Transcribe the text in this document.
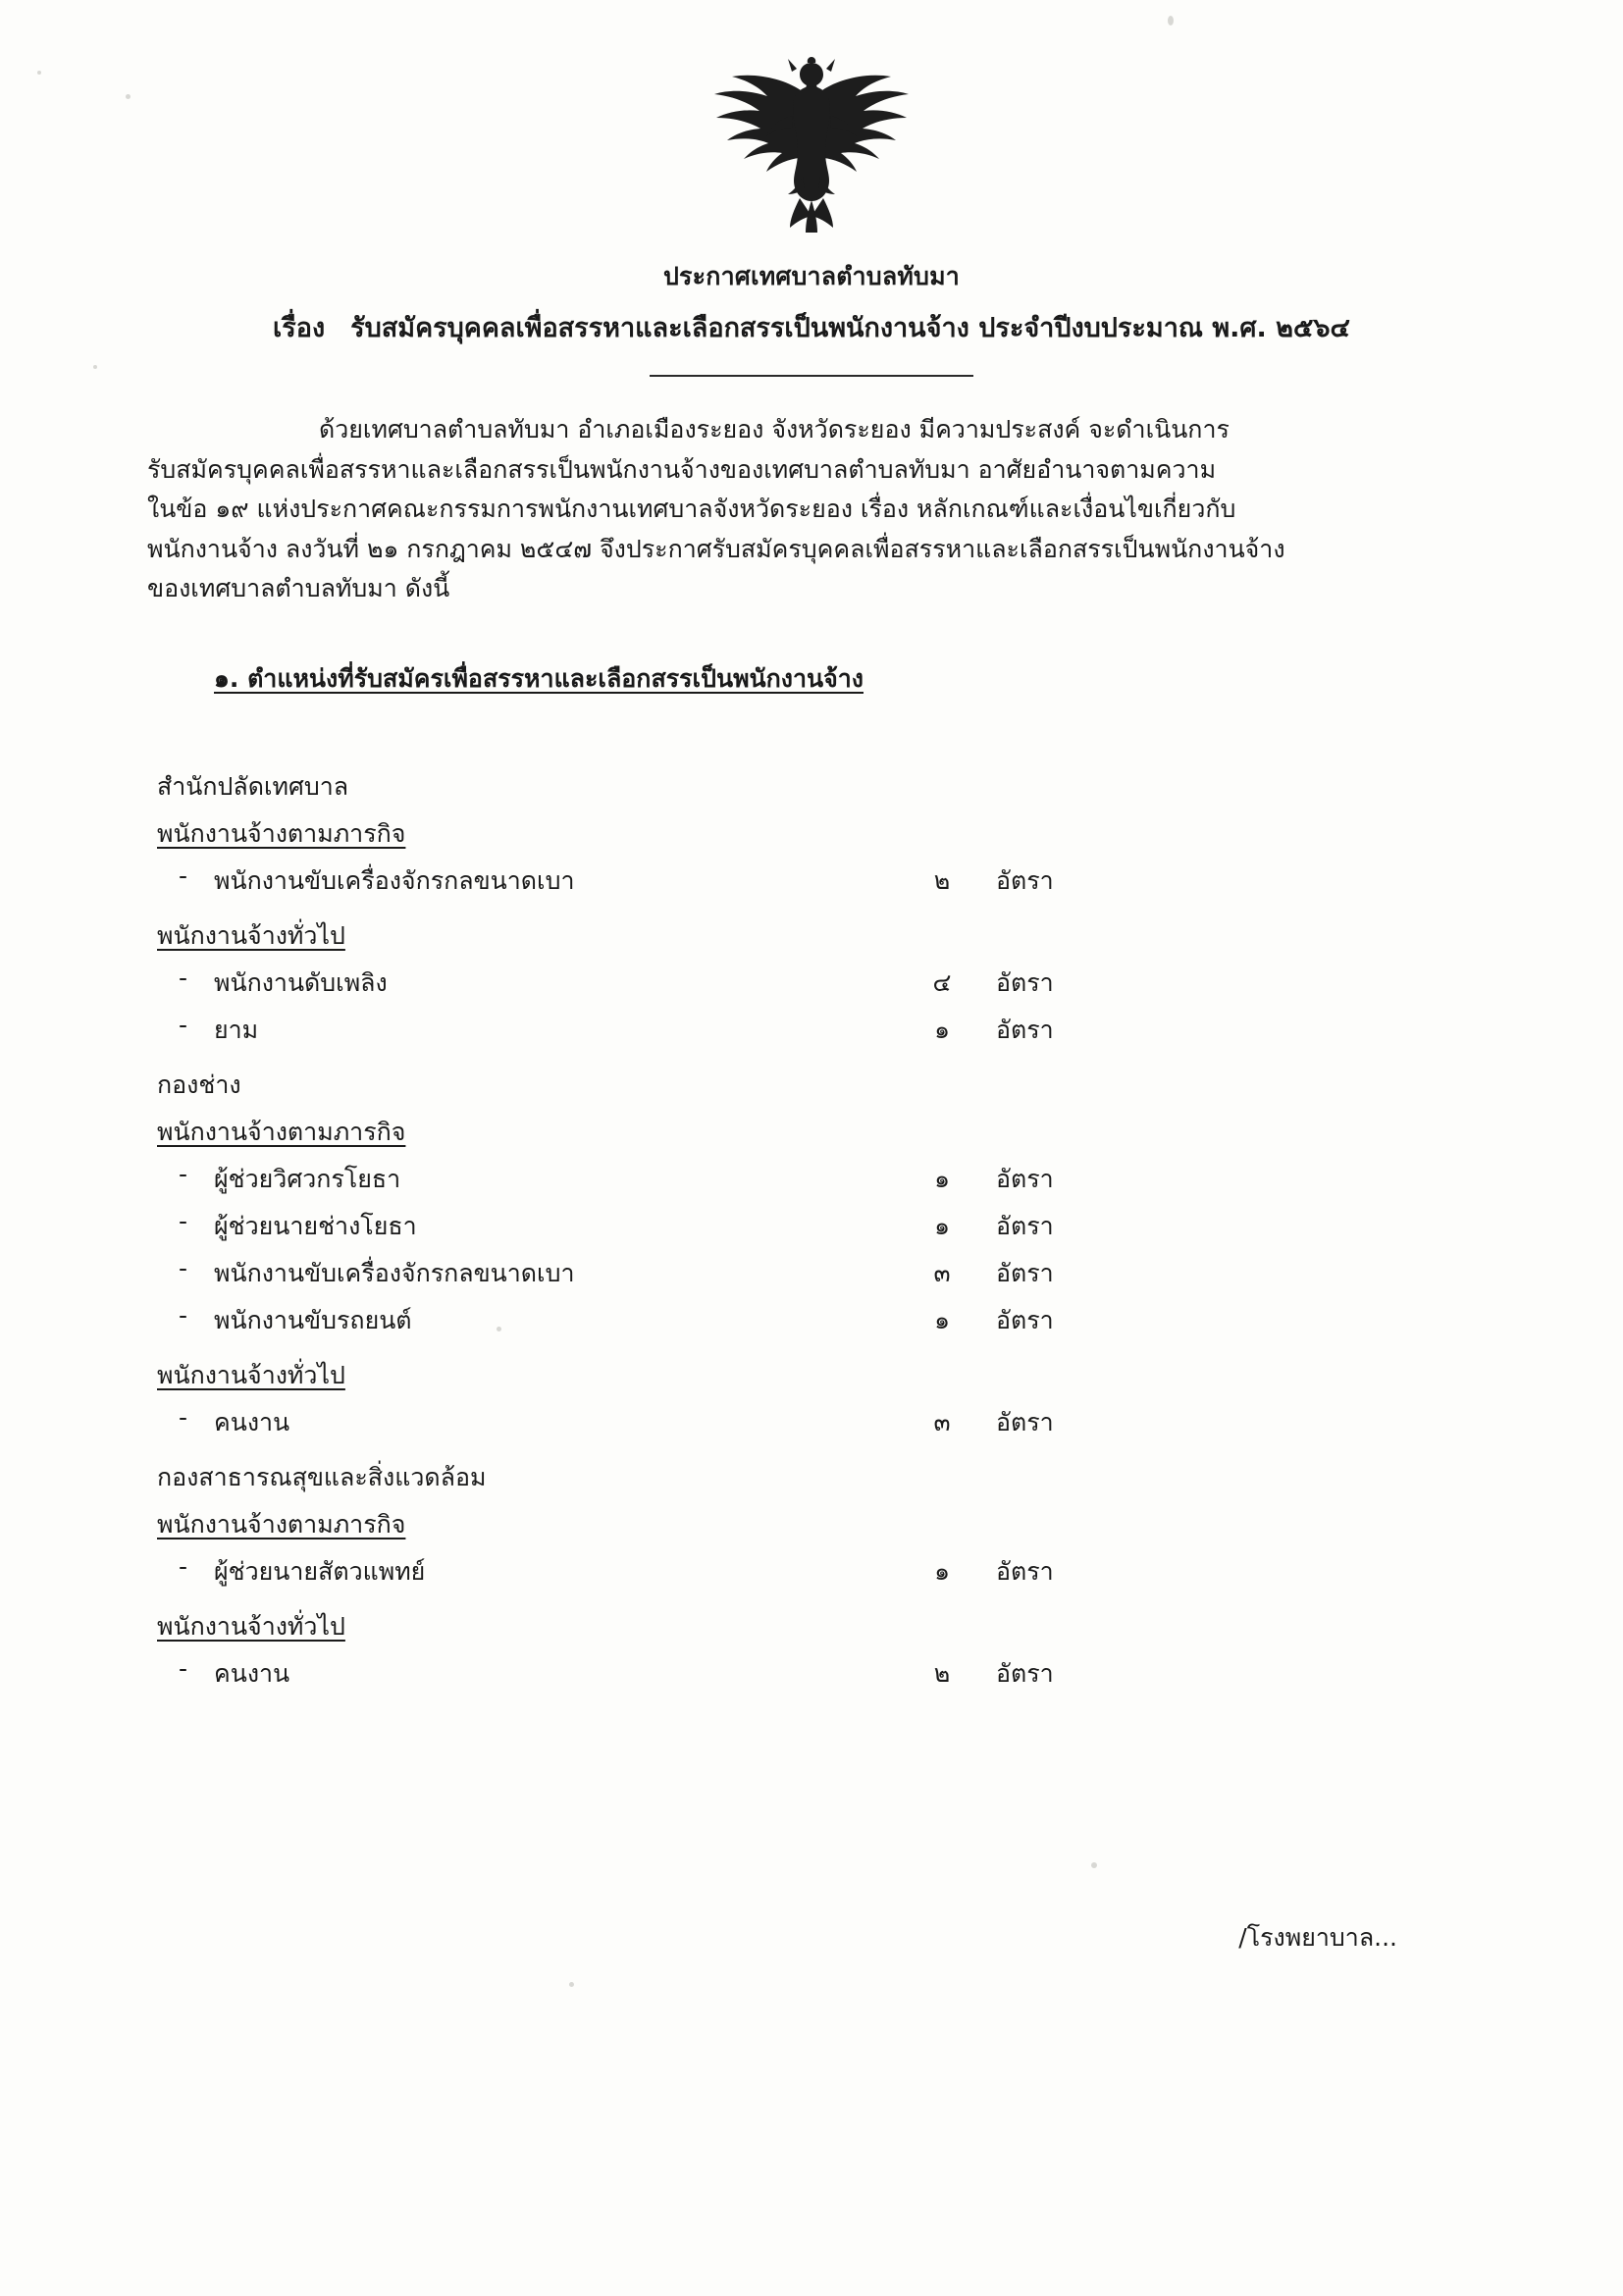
ประกาศเทศบาลตำบลทับมา
เรื่อง รับสมัครบุคคลเพื่อสรรหาและเลือกสรรเป็นพนักงานจ้าง ประจำปีงบประมาณ พ.ศ. ๒๕๖๔

ด้วยเทศบาลตำบลทับมา อำเภอเมืองระยอง จังหวัดระยอง มีความประสงค์ จะดำเนินการ

รับสมัครบุคคลเพื่อสรรหาและเลือกสรรเป็นพนักงานจ้างของเทศบาลตำบลทับมา อาศัยอำนาจตามความ

ในข้อ ๑๙ แห่งประกาศคณะกรรมการพนักงานเทศบาลจังหวัดระยอง เรื่อง หลักเกณฑ์และเงื่อนไขเกี่ยวกับ

พนักงานจ้าง ลงวันที่ ๒๑ กรกฎาคม ๒๕๔๗ จึงประกาศรับสมัครบุคคลเพื่อสรรหาและเลือกสรรเป็นพนักงานจ้าง

ของเทศบาลตำบลทับมา ดังนี้

๑. ตำแหน่งที่รับสมัครเพื่อสรรหาและเลือกสรรเป็นพนักงานจ้าง
สำนักปลัดเทศบาล
พนักงานจ้างตามภารกิจ
- พนักงานขับเครื่องจักรกลขนาดเบา	๒	อัตรา
พนักงานจ้างทั่วไป
- พนักงานดับเพลิง	๔	อัตรา
- ยาม	๑	อัตรา
กองช่าง
พนักงานจ้างตามภารกิจ
- ผู้ช่วยวิศวกรโยธา	๑	อัตรา
- ผู้ช่วยนายช่างโยธา	๑	อัตรา
- พนักงานขับเครื่องจักรกลขนาดเบา	๓	อัตรา
- พนักงานขับรถยนต์	๑	อัตรา
พนักงานจ้างทั่วไป
- คนงาน	๓	อัตรา
กองสาธารณสุขและสิ่งแวดล้อม
พนักงานจ้างตามภารกิจ
- ผู้ช่วยนายสัตวแพทย์	๑	อัตรา
พนักงานจ้างทั่วไป
- คนงาน	๒	อัตรา
/โรงพยาบาล...
